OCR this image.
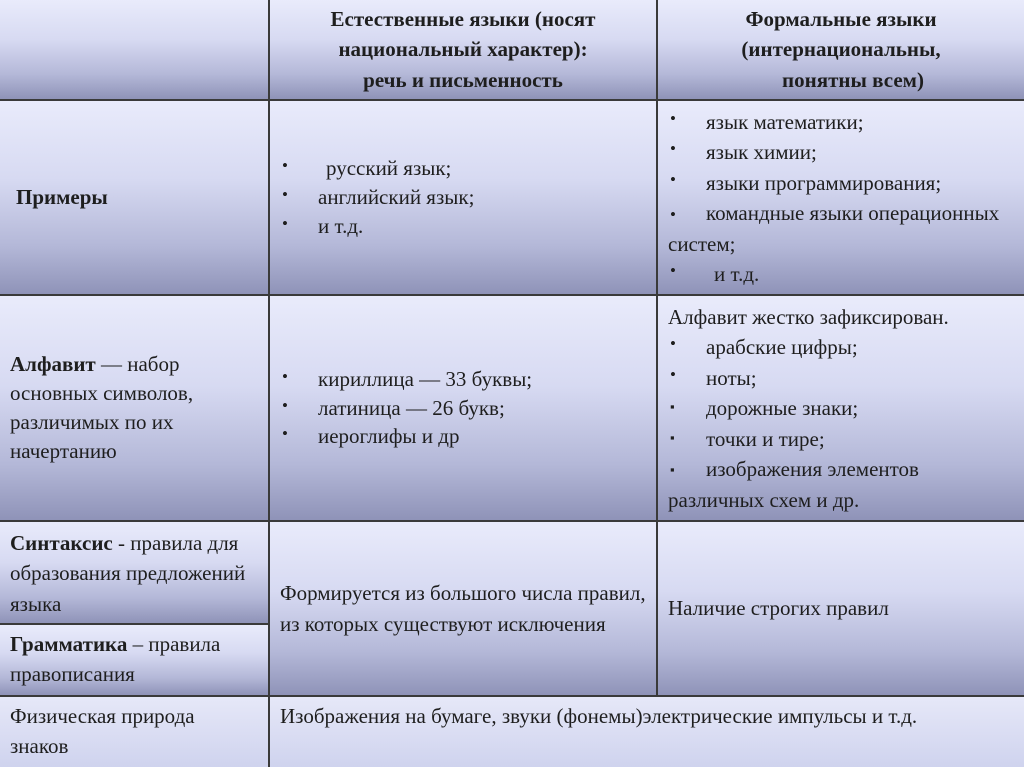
Естественные языки (носят
национальный характер):
речь и письменность
Формальные языки
(интернациональны,
понятны всем)
Примеры
• русский язык;
• английский язык;
• и т.д.
• язык математики;
• язык химии;
• языки программирования;
• командные языки операционных систем;
• и т.д.
Алфавит — набор основных символов, различимых по их начертанию
• кириллица — 33 буквы;
• латиница — 26 букв;
• иероглифы и др
Алфавит жестко зафиксирован.
• арабские цифры;
• ноты;
▪ дорожные знаки;
▪ точки и тире;
▪ изображения элементов различных схем и др.
Синтаксис - правила для образования предложений языка
Грамматика – правила правописания
Формируется из большого числа правил, из которых существуют исключения
Наличие строгих правил
Физическая природа знаков
Изображения на бумаге, звуки (фонемы)электрические импульсы и т.д.
